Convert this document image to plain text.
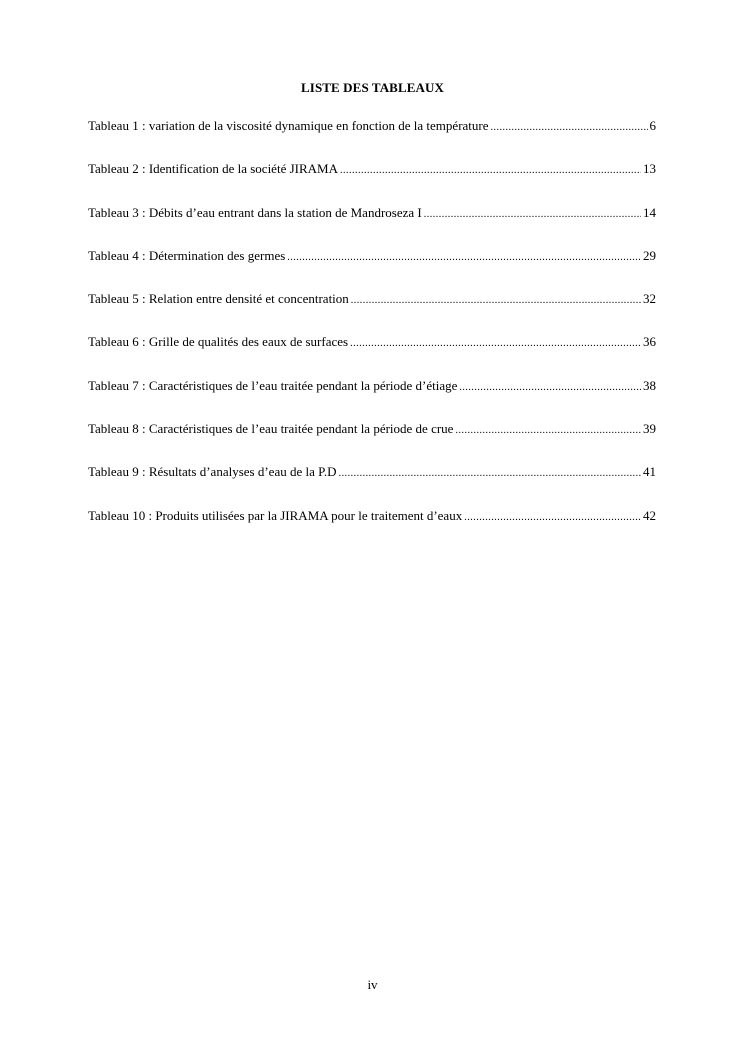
LISTE DES TABLEAUX
Tableau 1 : variation de la viscosité dynamique en fonction de la température .....	6
Tableau 2 : Identification de la société JIRAMA .....	13
Tableau 3 : Débits d’eau entrant dans la station de Mandroseza I .....	14
Tableau 4 : Détermination des germes .....	29
Tableau 5 : Relation entre densité et concentration .....	32
Tableau 6 : Grille de qualités des eaux de surfaces .....	36
Tableau 7 : Caractéristiques de l’eau traitée pendant la période d’étiage .....	38
Tableau 8 : Caractéristiques de l’eau traitée pendant la période de crue .....	39
Tableau 9 : Résultats d’analyses d’eau de la P.D .....	41
Tableau 10 : Produits utilisées par la JIRAMA pour le traitement d’eaux .....	42
iv
